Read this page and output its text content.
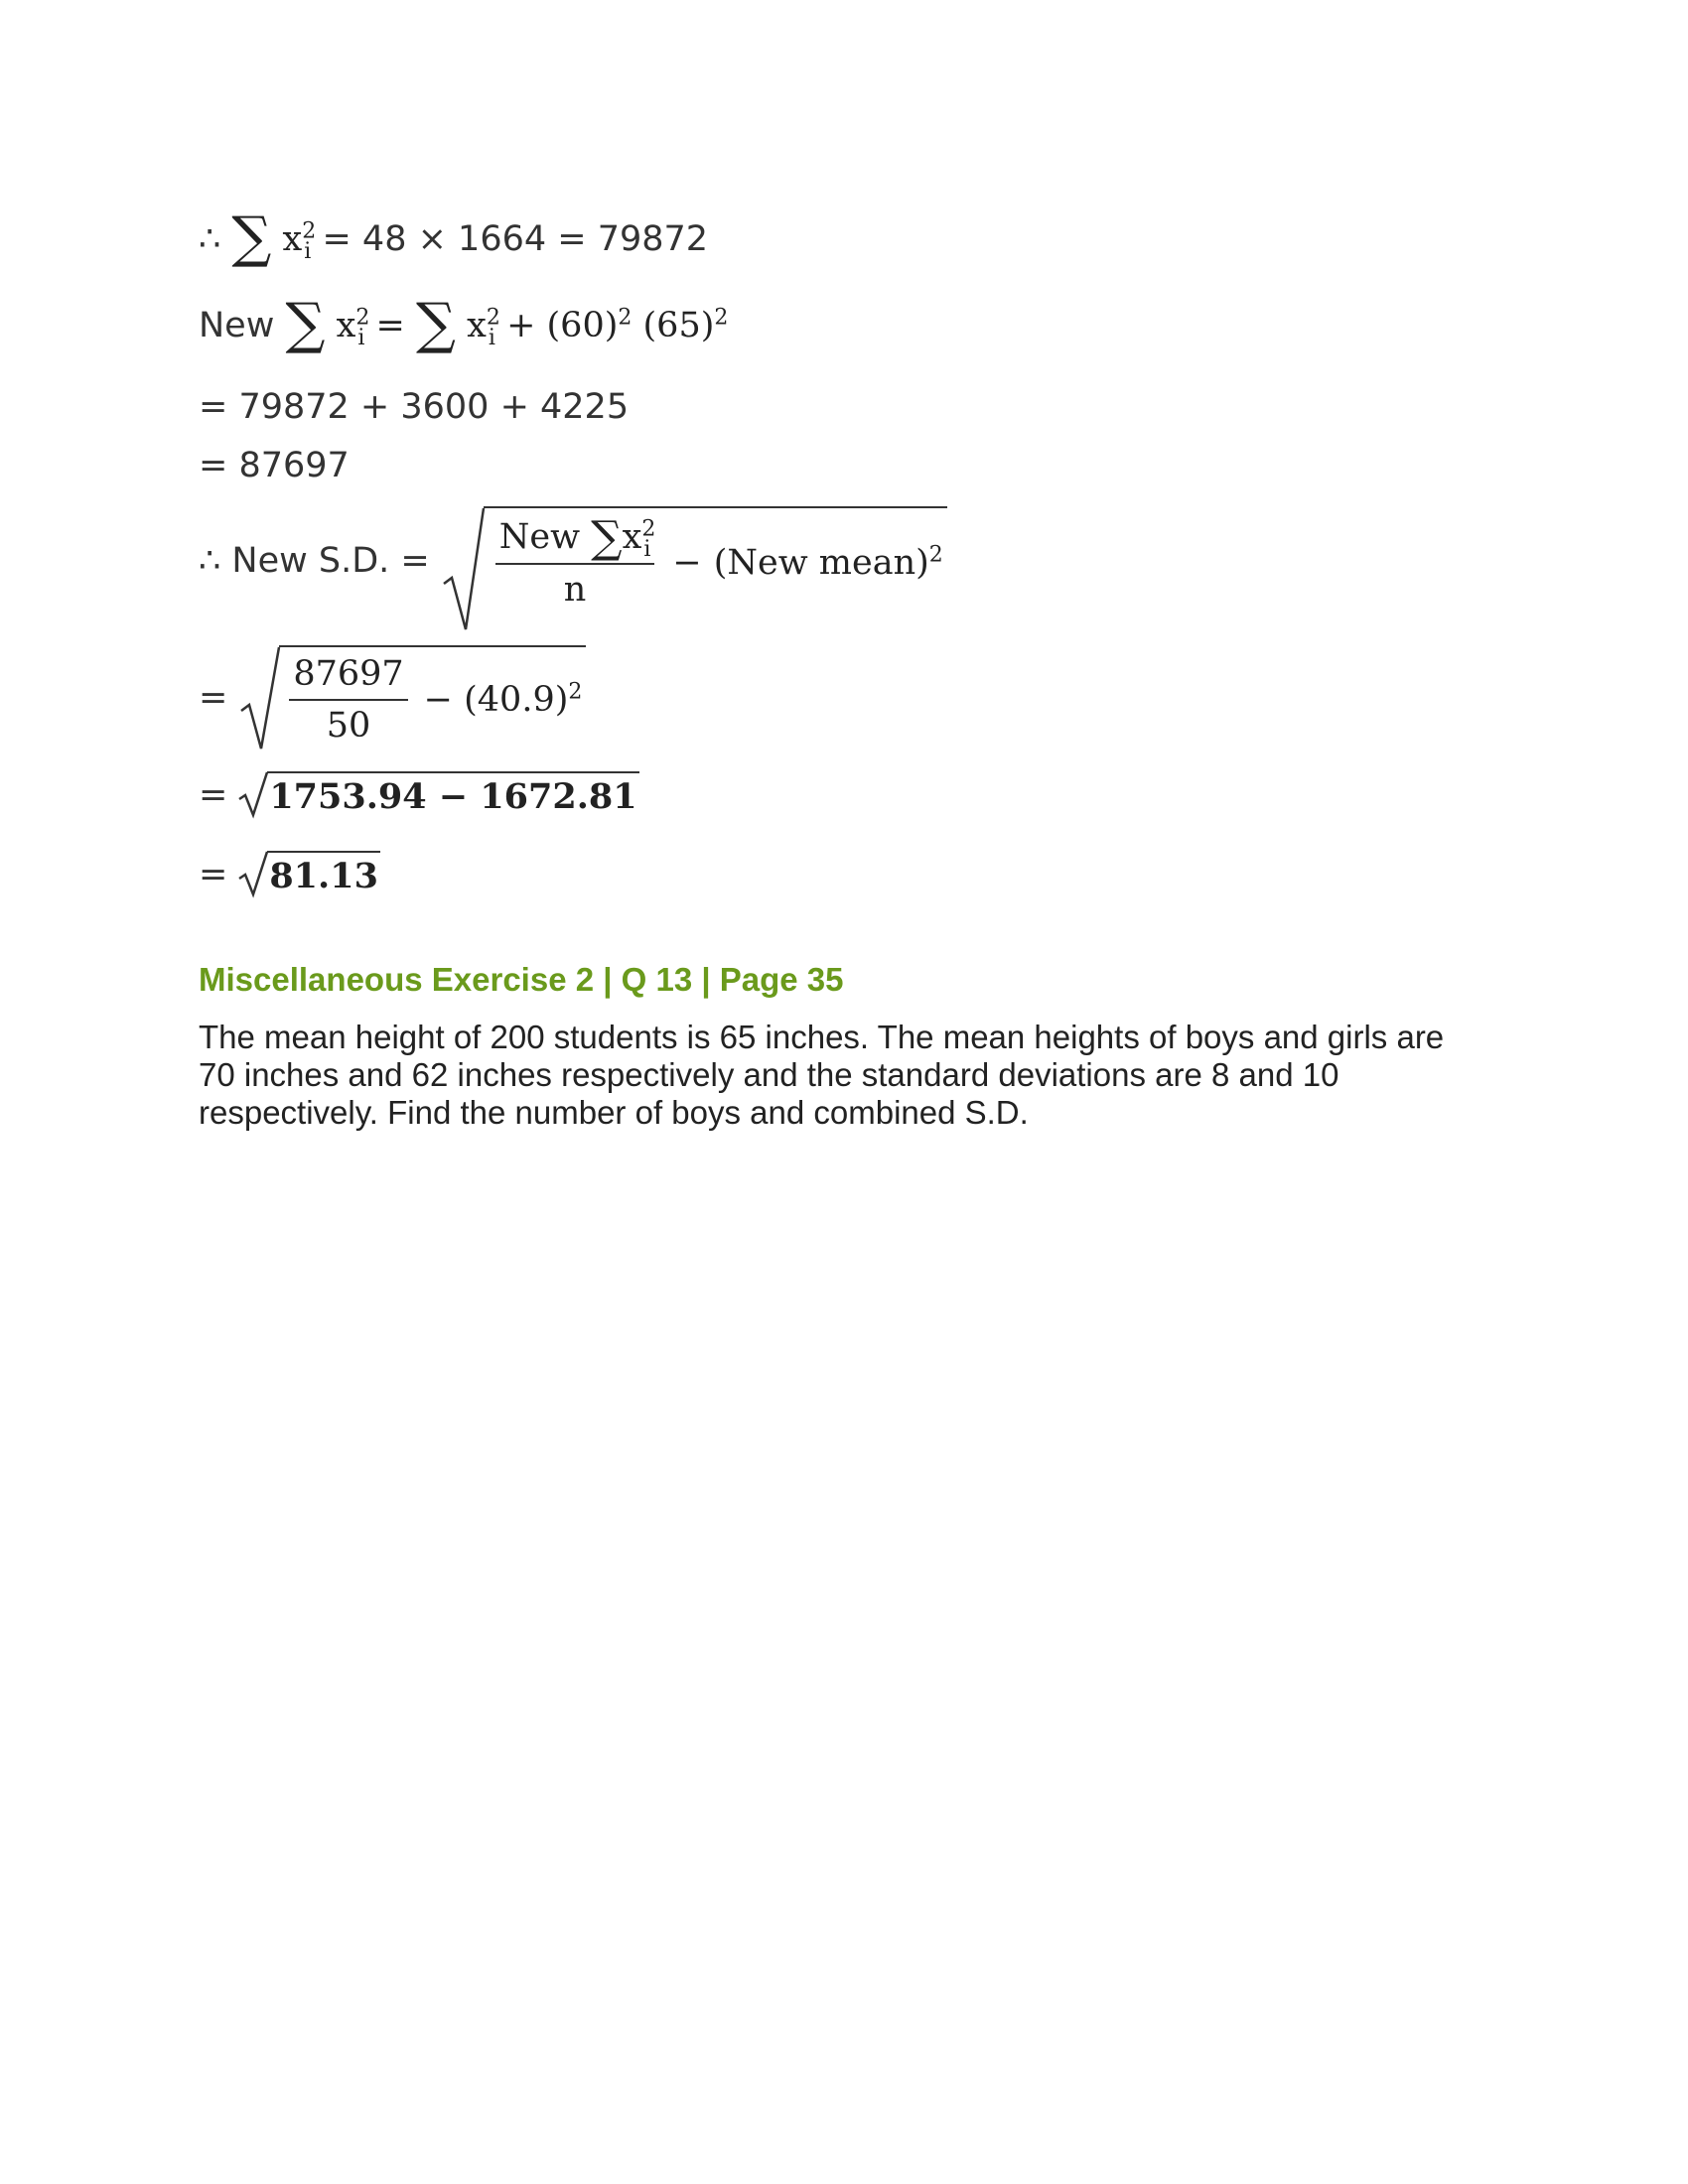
∴ ∑ $x^2_i = 48 \times 1664 = 79872$
New ∑ $x^2_i$ = ∑ $x^2_i + (60)^2$ $(65)^2$
= 79872 + 3600 + 4225
= 87697
∴ New S.D. = $\frac{New \sum x^2_i}{n} - (New$ mean)$^2$
= $\frac{87697}{50} - (40.9)^2$
=	1753.94 − 1672.81
=	81.13
Miscellaneous Exercise 2 | Q 13 | Page 35
The mean height of 200 students is 65 inches. The mean heights of boys and girls are
70 inches and 62 inches respectively and the standard deviations are 8 and 10
respectively. Find the number of boys and combined S.D.
